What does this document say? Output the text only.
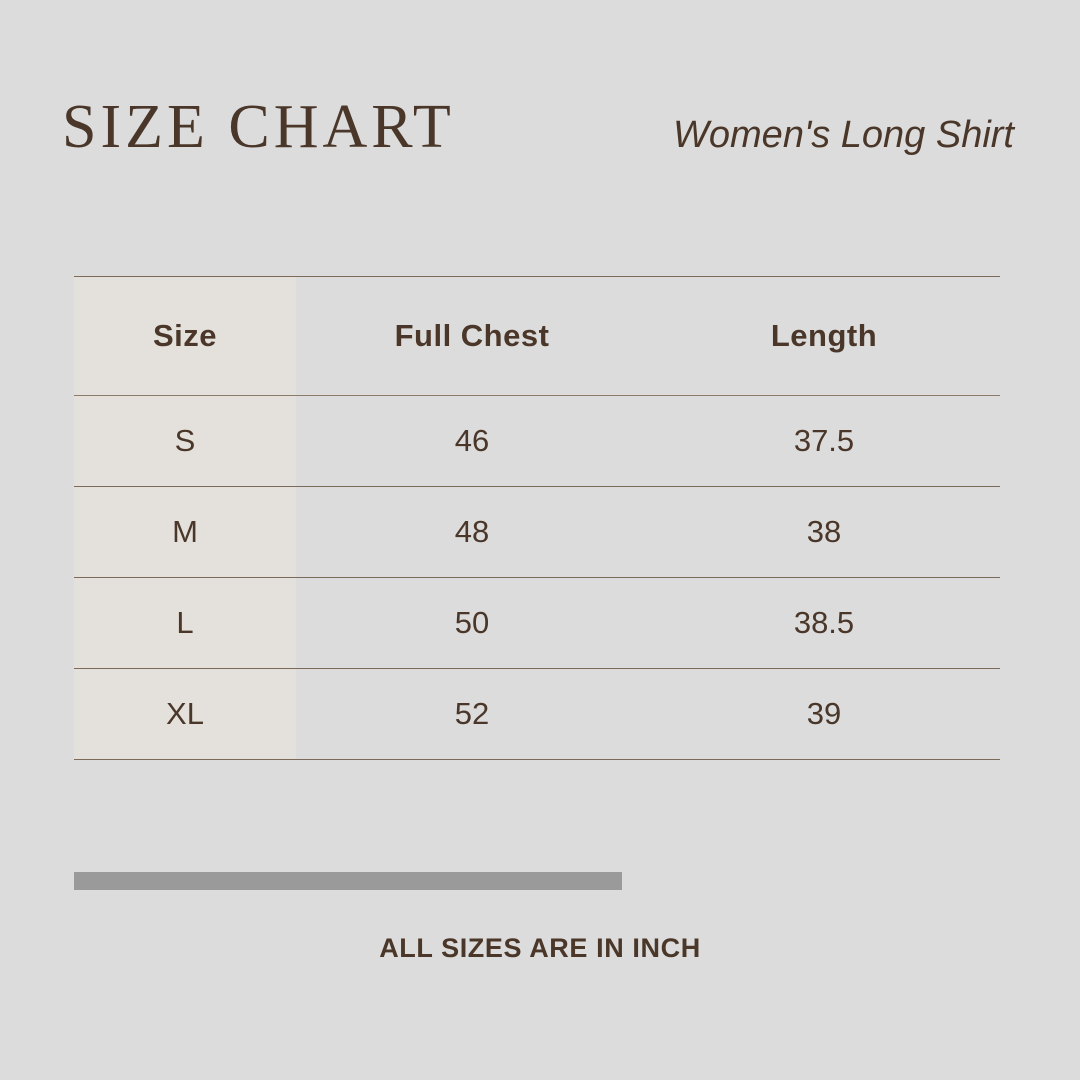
SIZE CHART	Women's Long Shirt
Size	Full Chest	Length
S	46	37.5
M	48	38
L	50	38.5
XL	52	39
ALL SIZES ARE IN INCH
